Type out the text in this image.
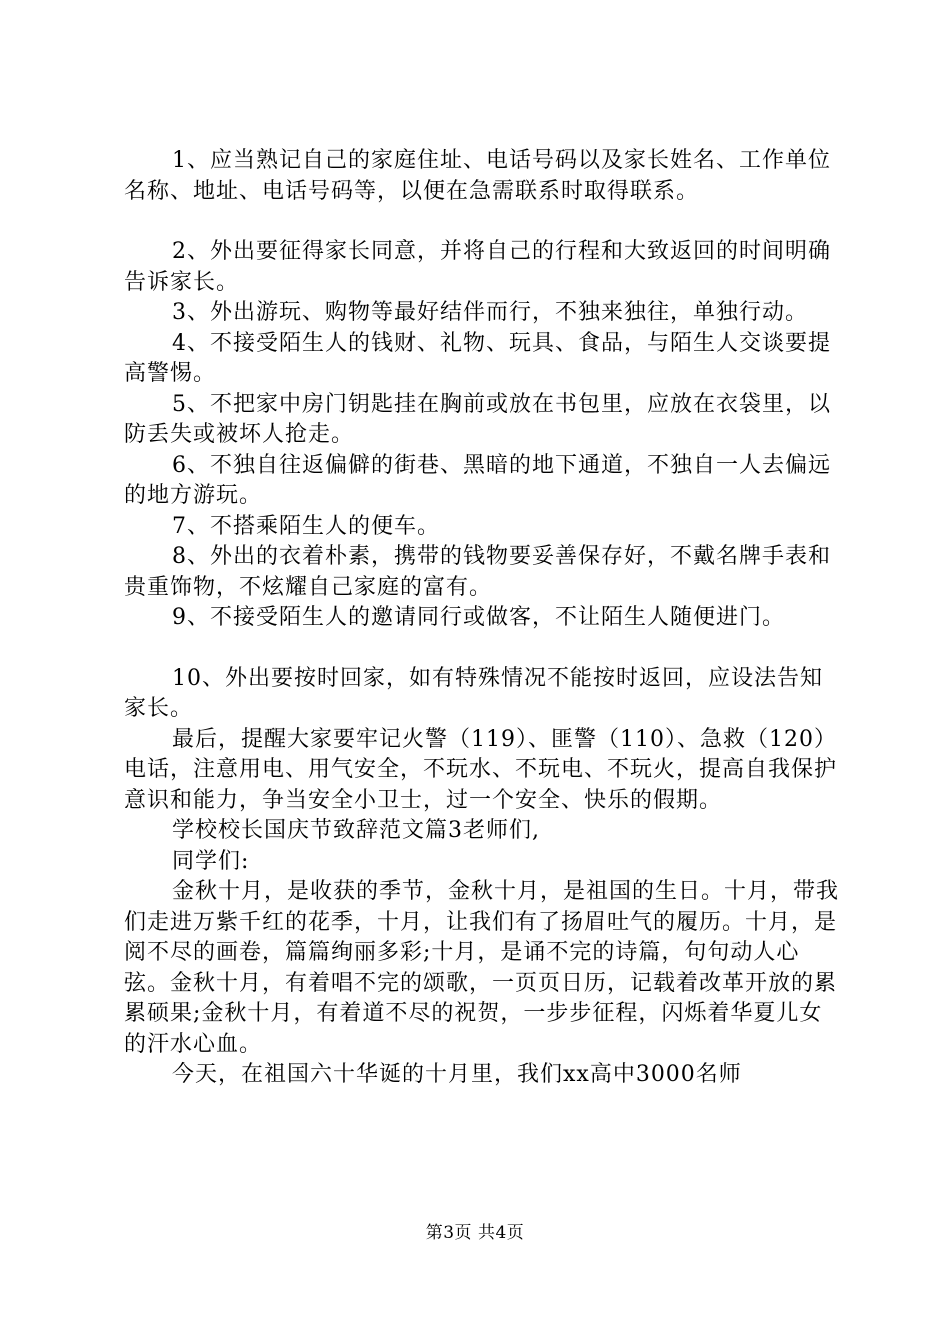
1、应当熟记自己的家庭住址、电话号码以及家长姓名、工作单位名称、地址、电话号码等，以便在急需联系时取得联系。

2、外出要征得家长同意，并将自己的行程和大致返回的时间明确告诉家长。

3、外出游玩、购物等最好结伴而行，不独来独往，单独行动。

4、不接受陌生人的钱财、礼物、玩具、食品，与陌生人交谈要提高警惕。

5、不把家中房门钥匙挂在胸前或放在书包里，应放在衣袋里，以防丢失或被坏人抢走。

6、不独自往返偏僻的街巷、黑暗的地下通道，不独自一人去偏远的地方游玩。

7、不搭乘陌生人的便车。

8、外出的衣着朴素，携带的钱物要妥善保存好，不戴名牌手表和贵重饰物，不炫耀自己家庭的富有。

9、不接受陌生人的邀请同行或做客，不让陌生人随便进门。

10、外出要按时回家，如有特殊情况不能按时返回，应设法告知家长。

最后，提醒大家要牢记火警（119）、匪警（110）、急救（120）电话，注意用电、用气安全，不玩水、不玩电、不玩火，提高自我保护意识和能力，争当安全小卫士，过一个安全、快乐的假期。

学校校长国庆节致辞范文篇3老师们,

同学们:

金秋十月，是收获的季节，金秋十月，是祖国的生日。十月，带我们走进万紫千红的花季，十月，让我们有了扬眉吐气的履历。十月，是阅不尽的画卷，篇篇绚丽多彩;十月，是诵不完的诗篇，句句动人心弦。金秋十月，有着唱不完的颂歌，一页页日历，记载着改革开放的累累硕果;金秋十月，有着道不尽的祝贺，一步步征程，闪烁着华夏儿女的汗水心血。

今天，在祖国六十华诞的十月里，我们xx高中3000名师

第3页 共4页
